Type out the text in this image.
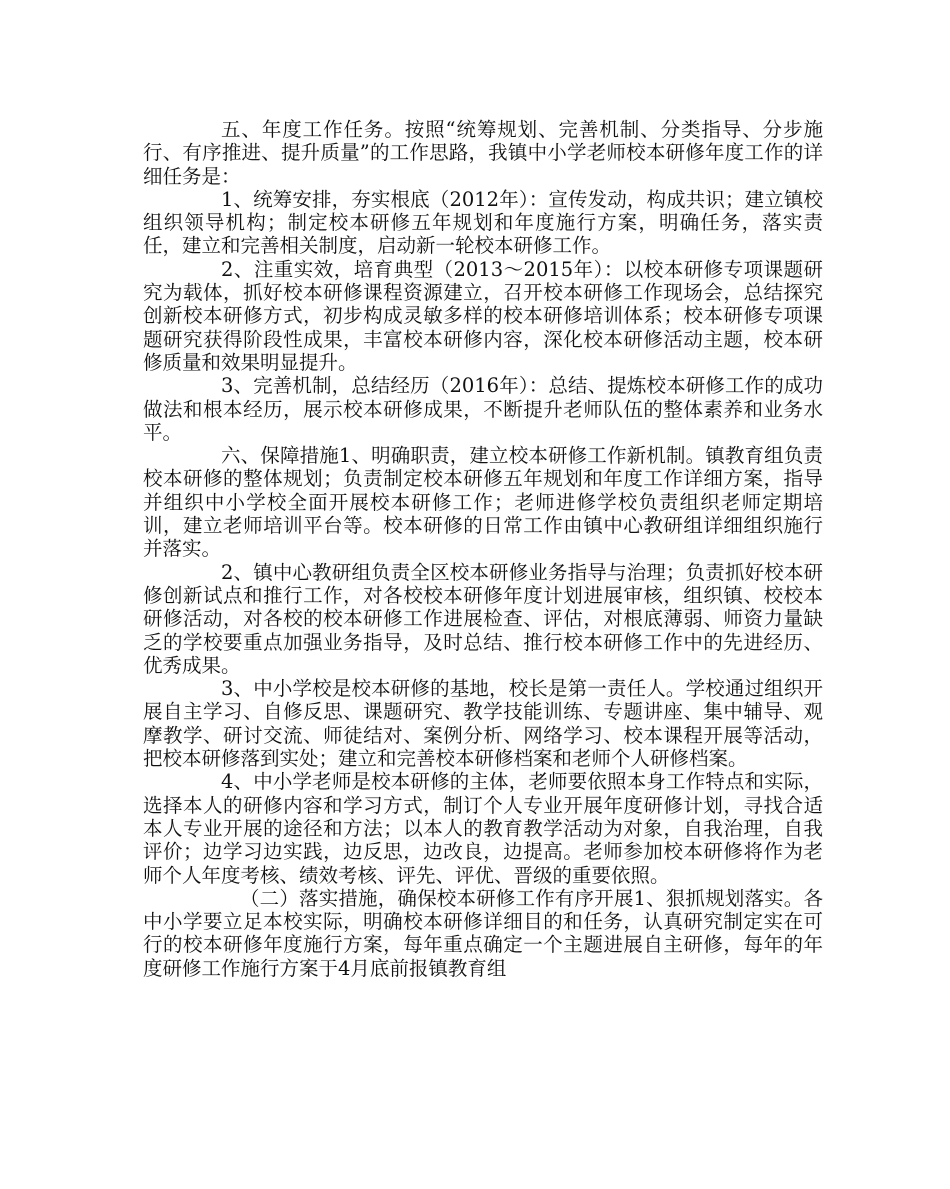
五、年度工作任务。按照“统筹规划、完善机制、分类指导、分步施行、有序推进、提升质量”的工作思路，我镇中小学老师校本研修年度工作的详细任务是：

1、统筹安排，夯实根底（2012年）：宣传发动，构成共识；建立镇校组织领导机构；制定校本研修五年规划和年度施行方案，明确任务，落实责任，建立和完善相关制度，启动新一轮校本研修工作。

2、注重实效，培育典型（2013～2015年）：以校本研修专项课题研究为载体，抓好校本研修课程资源建立，召开校本研修工作现场会，总结探究创新校本研修方式，初步构成灵敏多样的校本研修培训体系；校本研修专项课题研究获得阶段性成果，丰富校本研修内容，深化校本研修活动主题，校本研修质量和效果明显提升。

3、完善机制，总结经历（2016年）：总结、提炼校本研修工作的成功做法和根本经历，展示校本研修成果，不断提升老师队伍的整体素养和业务水平。

六、保障措施1、明确职责，建立校本研修工作新机制。镇教育组负责校本研修的整体规划；负责制定校本研修五年规划和年度工作详细方案，指导并组织中小学校全面开展校本研修工作；老师进修学校负责组织老师定期培训，建立老师培训平台等。校本研修的日常工作由镇中心教研组详细组织施行并落实。

2、镇中心教研组负责全区校本研修业务指导与治理；负责抓好校本研修创新试点和推行工作，对各校校本研修年度计划进展审核，组织镇、校校本研修活动，对各校的校本研修工作进展检查、评估，对根底薄弱、师资力量缺乏的学校要重点加强业务指导，及时总结、推行校本研修工作中的先进经历、优秀成果。

3、中小学校是校本研修的基地，校长是第一责任人。学校通过组织开展自主学习、自修反思、课题研究、教学技能训练、专题讲座、集中辅导、观摩教学、研讨交流、师徒结对、案例分析、网络学习、校本课程开展等活动，把校本研修落到实处；建立和完善校本研修档案和老师个人研修档案。

4、中小学老师是校本研修的主体，老师要依照本身工作特点和实际，选择本人的研修内容和学习方式，制订个人专业开展年度研修计划，寻找合适本人专业开展的途径和方法；以本人的教育教学活动为对象，自我治理，自我评价；边学习边实践，边反思，边改良，边提高。老师参加校本研修将作为老师个人年度考核、绩效考核、评先、评优、晋级的重要依照。

（二）落实措施，确保校本研修工作有序开展1、狠抓规划落实。各中小学要立足本校实际，明确校本研修详细目的和任务，认真研究制定实在可行的校本研修年度施行方案，每年重点确定一个主题进展自主研修，每年的年度研修工作施行方案于4月底前报镇教育组
